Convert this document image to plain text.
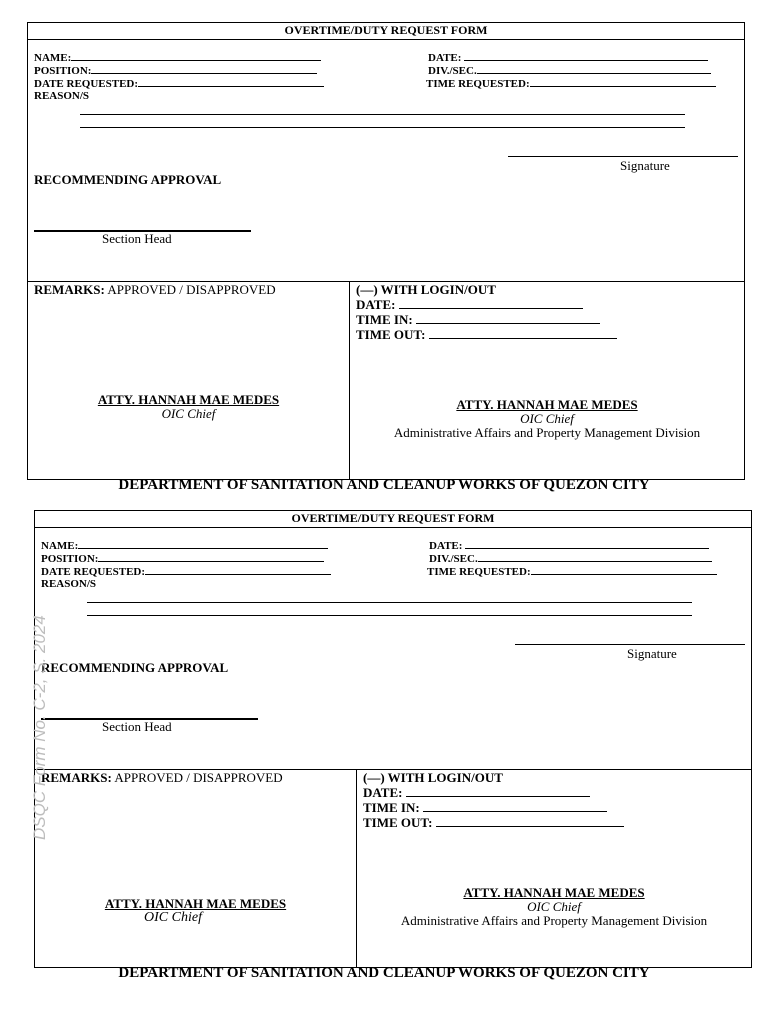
OVERTIME/DUTY REQUEST FORM
NAME:
POSITION:
DATE REQUESTED:
REASON/S
DATE:
DIV./SEC.
TIME REQUESTED:
Signature
RECOMMENDING APPROVAL
Section Head
REMARKS: APPROVED / DISAPPROVED	(—) WITH LOGIN/OUT
DATE:
TIME IN:
TIME OUT:
ATTY. HANNAH MAE MEDES
OIC Chief
ATTY. HANNAH MAE MEDES
OIC Chief
Administrative Affairs and Property Management Division
DEPARTMENT OF SANITATION AND CLEANUP WORKS OF QUEZON CITY
OVERTIME/DUTY REQUEST FORM
NAME:
POSITION:
DATE REQUESTED:
REASON/S
DATE:
DIV./SEC.
TIME REQUESTED:
Signature
RECOMMENDING APPROVAL
Section Head
REMARKS: APPROVED / DISAPPROVED	(—) WITH LOGIN/OUT
DATE:
TIME IN:
TIME OUT:
ATTY. HANNAH MAE MEDES
OIC Chief
ATTY. HANNAH MAE MEDES
OIC Chief
Administrative Affairs and Property Management Division
DEPARTMENT OF SANITATION AND CLEANUP WORKS OF QUEZON CITY
DSQC Form No. C-2, S. 2024
